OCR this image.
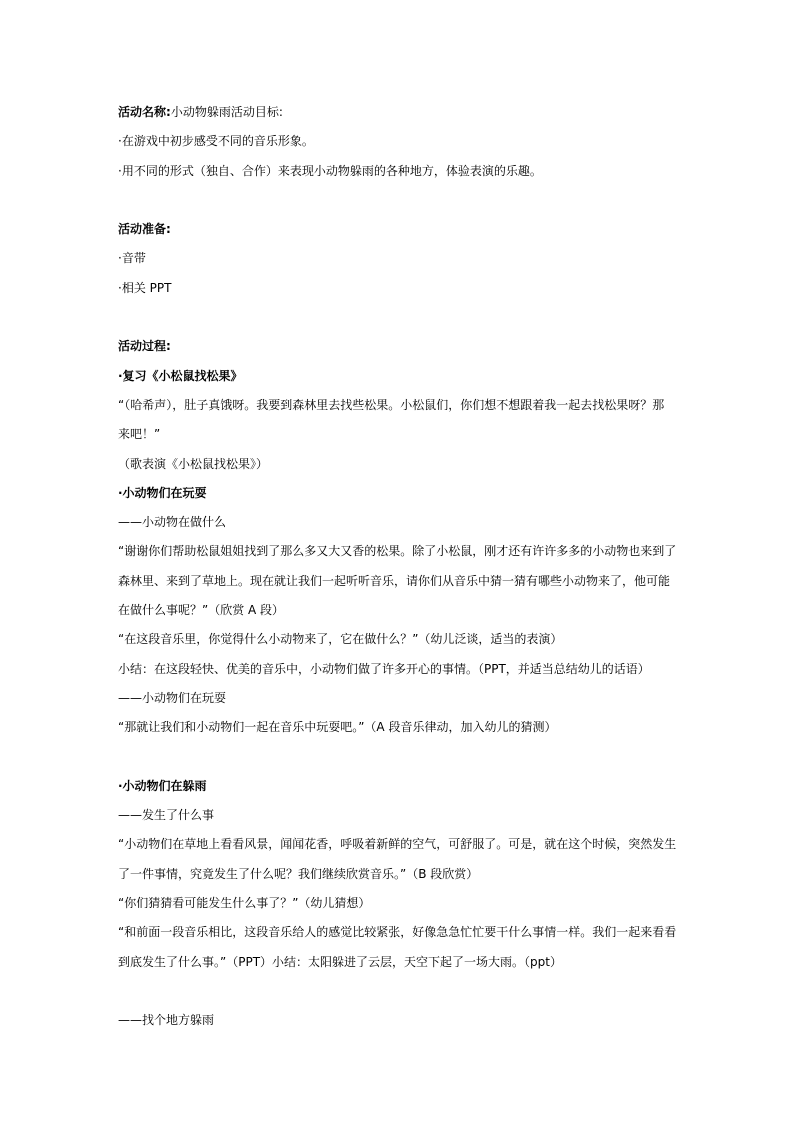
活动名称:小动物躲雨活动目标:

·在游戏中初步感受不同的音乐形象。

·用不同的形式（独自、合作）来表现小动物躲雨的各种地方，体验表演的乐趣。

活动准备:

·音带

·相关 PPT

活动过程:

·复习《小松鼠找松果》

“（哈希声），肚子真饿呀。我要到森林里去找些松果。小松鼠们，你们想不想跟着我一起去找松果呀？那

来吧！”

（歌表演《小松鼠找松果》）

·小动物们在玩耍

——小动物在做什么

“谢谢你们帮助松鼠姐姐找到了那么多又大又香的松果。除了小松鼠，刚才还有许许多多的小动物也来到了

森林里、来到了草地上。现在就让我们一起听听音乐，请你们从音乐中猜一猜有哪些小动物来了，他可能

在做什么事呢？”（欣赏 A 段）

“在这段音乐里，你觉得什么小动物来了，它在做什么？”（幼儿泛谈，适当的表演）

小结：在这段轻快、优美的音乐中，小动物们做了许多开心的事情。（PPT，并适当总结幼儿的话语）

——小动物们在玩耍

“那就让我们和小动物们一起在音乐中玩耍吧。”（A 段音乐律动，加入幼儿的猜测）

·小动物们在躲雨

——发生了什么事

“小动物们在草地上看看风景，闻闻花香，呼吸着新鲜的空气，可舒服了。可是，就在这个时候，突然发生

了一件事情，究竟发生了什么呢？我们继续欣赏音乐。”（B 段欣赏）

“你们猜猜看可能发生什么事了？”（幼儿猜想）

“和前面一段音乐相比，这段音乐给人的感觉比较紧张，好像急急忙忙要干什么事情一样。我们一起来看看

到底发生了什么事。”（PPT）小结：太阳躲进了云层，天空下起了一场大雨。（ppt）

——找个地方躲雨
